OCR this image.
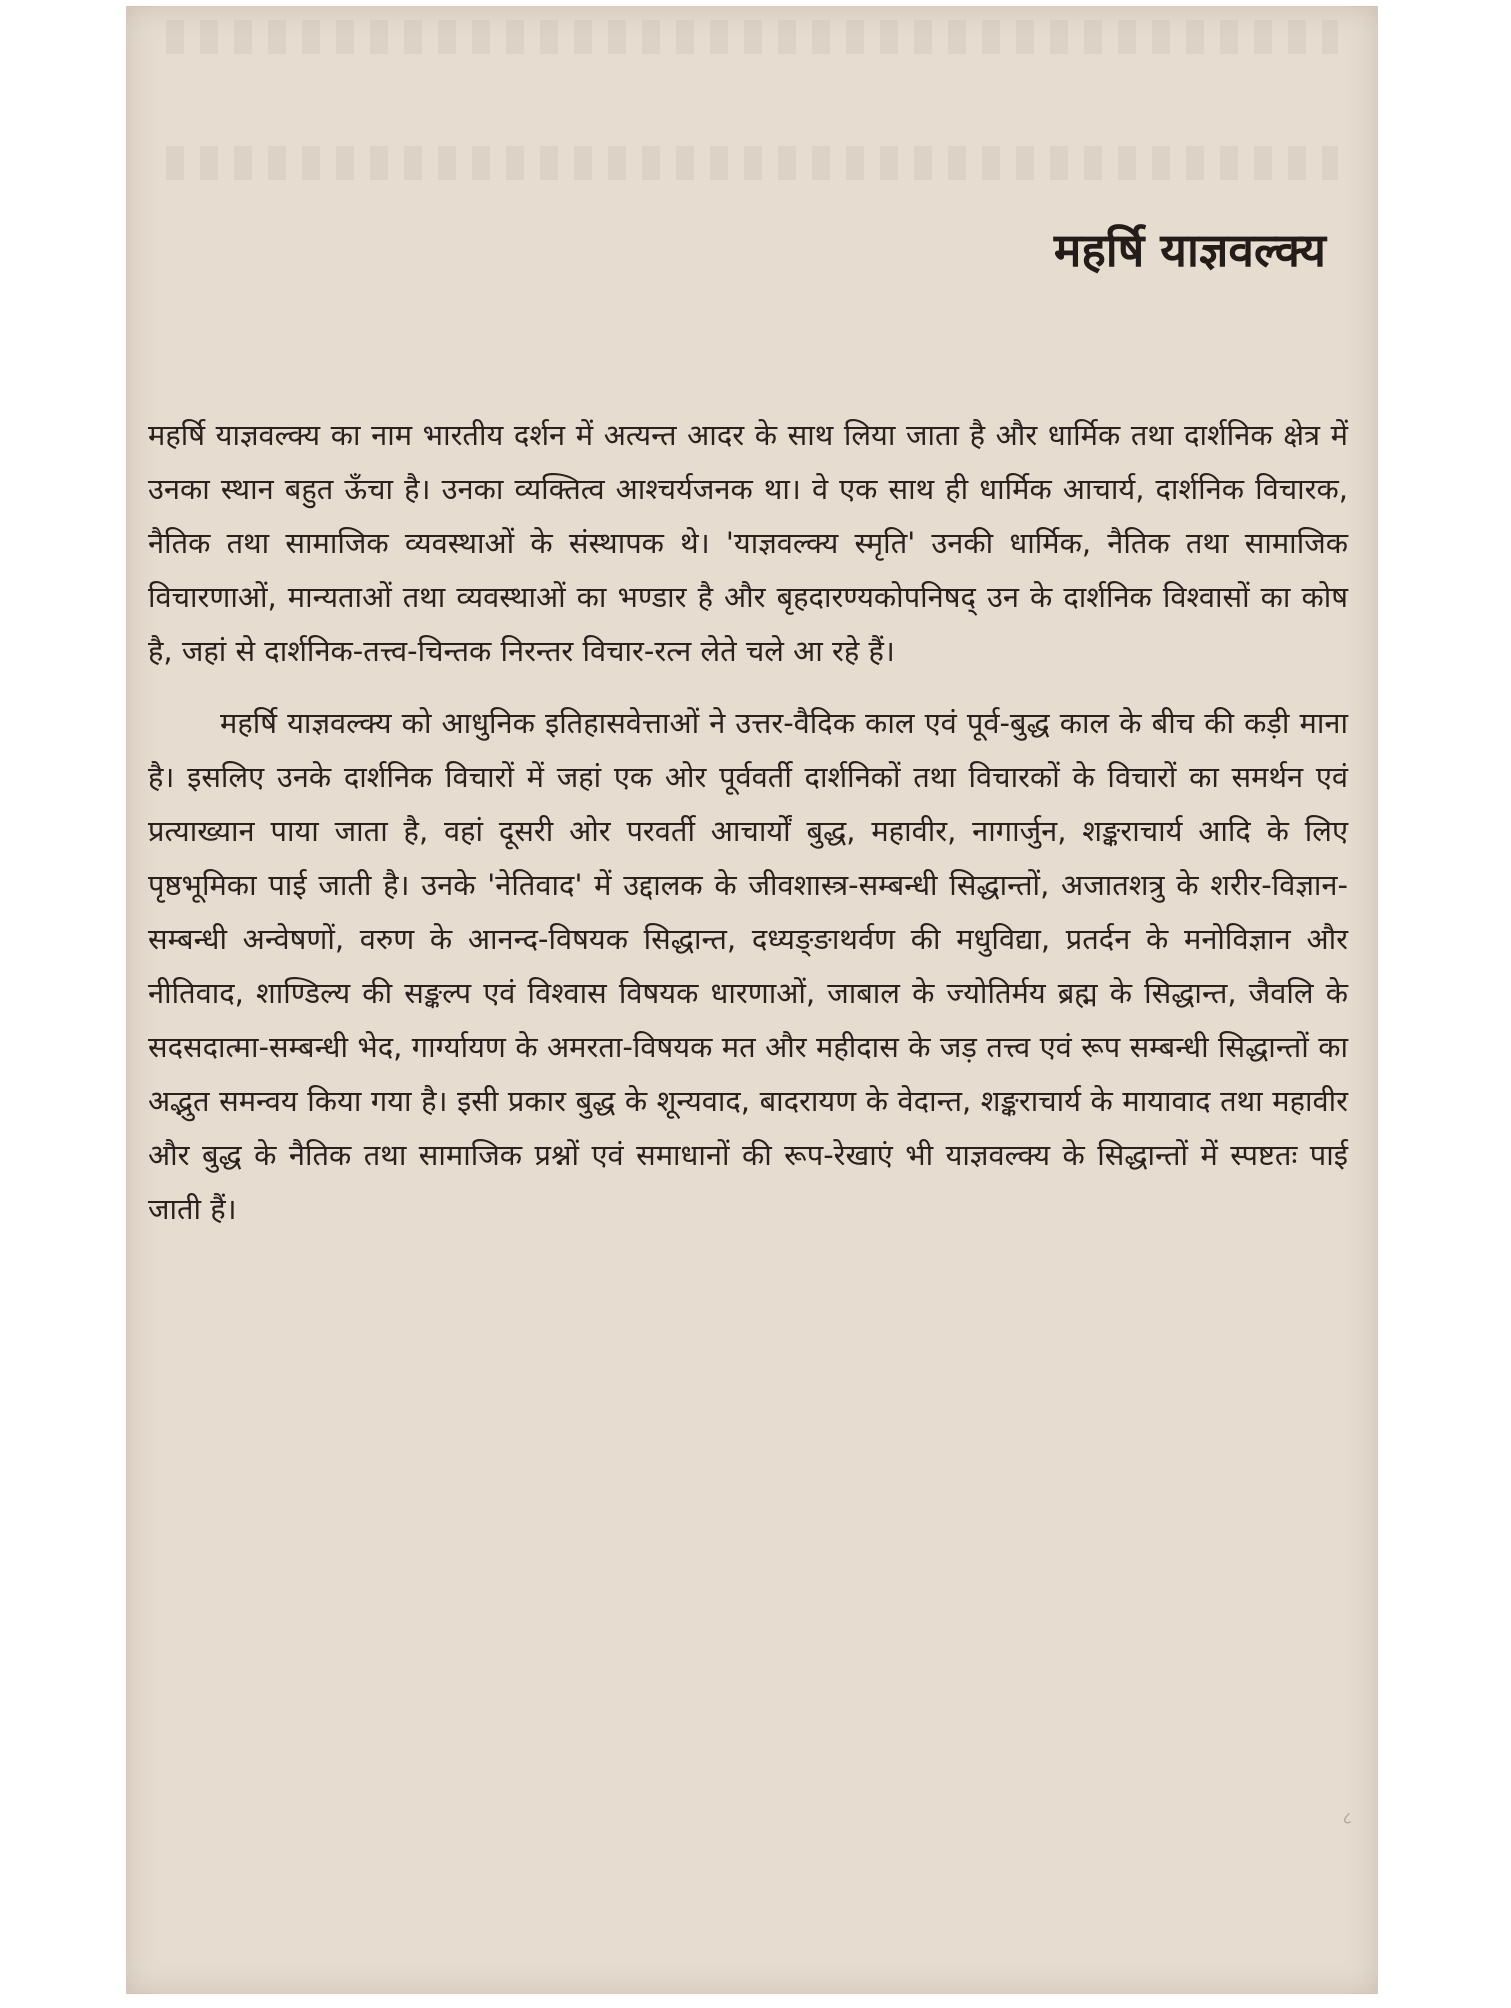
महर्षि याज्ञवल्क्य

महर्षि याज्ञवल्क्य का नाम भारतीय दर्शन में अत्यन्त आदर के साथ लिया जाता है और धार्मिक तथा दार्शनिक क्षेत्र में उनका स्थान बहुत ऊँचा है। उनका व्यक्तित्व आश्चर्यजनक था। वे एक साथ ही धार्मिक आचार्य, दार्शनिक विचारक, नैतिक तथा सामाजिक व्यवस्थाओं के संस्थापक थे। 'याज्ञवल्क्य स्मृति' उनकी धार्मिक, नैतिक तथा सामाजिक विचारणाओं, मान्यताओं तथा व्यवस्थाओं का भण्डार है और बृहदारण्यकोपनिषद् उन के दार्शनिक विश्वासों का कोष है, जहां से दार्शनिक-तत्त्व-चिन्तक निरन्तर विचार-रत्न लेते चले आ रहे हैं।

महर्षि याज्ञवल्क्य को आधुनिक इतिहासवेत्ताओं ने उत्तर-वैदिक काल एवं पूर्व-बुद्ध काल के बीच की कड़ी माना है। इसलिए उनके दार्शनिक विचारों में जहां एक ओर पूर्ववर्ती दार्शनिकों तथा विचारकों के विचारों का समर्थन एवं प्रत्याख्यान पाया जाता है, वहां दूसरी ओर परवर्ती आचार्यों बुद्ध, महावीर, नागार्जुन, शङ्कराचार्य आदि के लिए पृष्ठभूमिका पाई जाती है। उनके 'नेतिवाद' में उद्दालक के जीवशास्त्र-सम्बन्धी सिद्धान्तों, अजातशत्रु के शरीर-विज्ञान-सम्बन्धी अन्वेषणों, वरुण के आनन्द-विषयक सिद्धान्त, दध्यङ्ङाथर्वण की मधुविद्या, प्रतर्दन के मनोविज्ञान और नीतिवाद, शाण्डिल्य की सङ्कल्प एवं विश्वास विषयक धारणाओं, जाबाल के ज्योतिर्मय ब्रह्म के सिद्धान्त, जैवलि के सदसदात्मा-सम्बन्धी भेद, गार्ग्यायण के अमरता-विषयक मत और महीदास के जड़ तत्त्व एवं रूप सम्बन्धी सिद्धान्तों का अद्भुत समन्वय किया गया है। इसी प्रकार बुद्ध के शून्यवाद, बादरायण के वेदान्त, शङ्कराचार्य के मायावाद तथा महावीर और बुद्ध के नैतिक तथा सामाजिक प्रश्नों एवं समाधानों की रूप-रेखाएं भी याज्ञवल्क्य के सिद्धान्तों में स्पष्टतः पाई जाती हैं।

८
